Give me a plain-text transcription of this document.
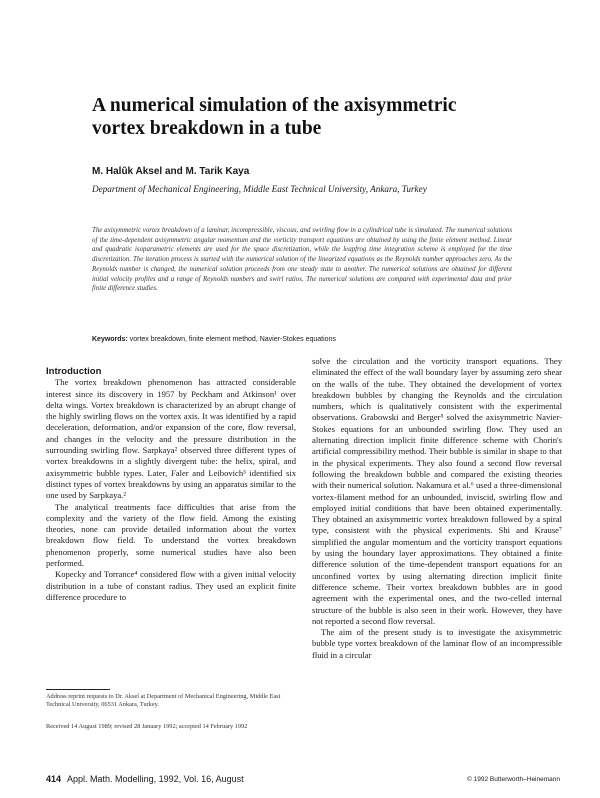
A numerical simulation of the axisymmetric vortex breakdown in a tube

M. Halûk Aksel and M. Tarik Kaya

Department of Mechanical Engineering, Middle East Technical University, Ankara, Turkey

The axisymmetric vortex breakdown of a laminar, incompressible, viscous, and swirling flow in a cylindrical tube is simulated. The numerical solutions of the time-dependent axisymmetric angular momentum and the vorticity transport equations are obtained by using the finite element method. Linear and quadratic isoparametric elements are used for the space discretization, while the leapfrog time integration scheme is employed for the time discretization. The iteration process is started with the numerical solution of the linearized equations as the Reynolds number approaches zero. As the Reynolds number is changed, the numerical solution proceeds from one steady state to another. The numerical solutions are obtained for different initial velocity profiles and a range of Reynolds numbers and swirl ratios. The numerical solutions are compared with experimental data and prior finite difference studies.

Keywords: vortex breakdown, finite element method, Navier-Stokes equations

Introduction

The vortex breakdown phenomenon has attracted considerable interest since its discovery in 1957 by Peckham and Atkinson¹ over delta wings. Vortex breakdown is characterized by an abrupt change of the highly swirling flows on the vortex axis. It was identified by a rapid deceleration, deformation, and/or expansion of the core, flow reversal, and changes in the velocity and the pressure distribution in the surrounding swirling flow. Sarpkaya² observed three different types of vortex breakdowns in a slightly divergent tube: the helix, spiral, and axisymmetric bubble types. Later, Faler and Leibovich³ identified six distinct types of vortex breakdowns by using an apparatus similar to the one used by Sarpkaya.²

The analytical treatments face difficulties that arise from the complexity and the variety of the flow field. Among the existing theories, none can provide detailed information about the vortex breakdown flow field. To understand the vortex breakdown phenomenon properly, some numerical studies have also been performed.

Kopecky and Torrance⁴ considered flow with a given initial velocity distribution in a tube of constant radius. They used an explicit finite difference procedure to

solve the circulation and the vorticity transport equations. They eliminated the effect of the wall boundary layer by assuming zero shear on the walls of the tube. They obtained the development of vortex breakdown bubbles by changing the Reynolds and the circulation numbers, which is qualitatively consistent with the experimental observations. Grabowski and Berger⁵ solved the axisymmetric Navier-Stokes equations for an unbounded swirling flow. They used an alternating direction implicit finite difference scheme with Chorin's artificial compressibility method. Their bubble is similar in shape to that in the physical experiments. They also found a second flow reversal following the breakdown bubble and compared the existing theories with their numerical solution. Nakamura et al.⁶ used a three-dimensional vortex-filament method for an unbounded, inviscid, swirling flow and employed initial conditions that have been obtained experimentally. They obtained an axisymmetric vortex breakdown followed by a spiral type, consistent with the physical experiments. Shi and Krause⁷ simplified the angular momentum and the vorticity transport equations by using the boundary layer approximations. They obtained a finite difference solution of the time-dependent transport equations for an unconfined vortex by using alternating direction implicit finite difference scheme. Their vortex breakdown bubbles are in good agreement with the experimental ones, and the two-celled internal structure of the bubble is also seen in their work. However, they have not reported a second flow reversal.

The aim of the present study is to investigate the axisymmetric bubble type vortex breakdown of the laminar flow of an incompressible fluid in a circular

Address reprint requests to Dr. Aksel at Department of Mechanical Engineering, Middle East Technical University, 06531 Ankara, Turkey.

Received 14 August 1989; revised 28 January 1992; accepted 14 February 1992

414 Appl. Math. Modelling, 1992, Vol. 16, August	© 1992 Butterworth–Heinemann
